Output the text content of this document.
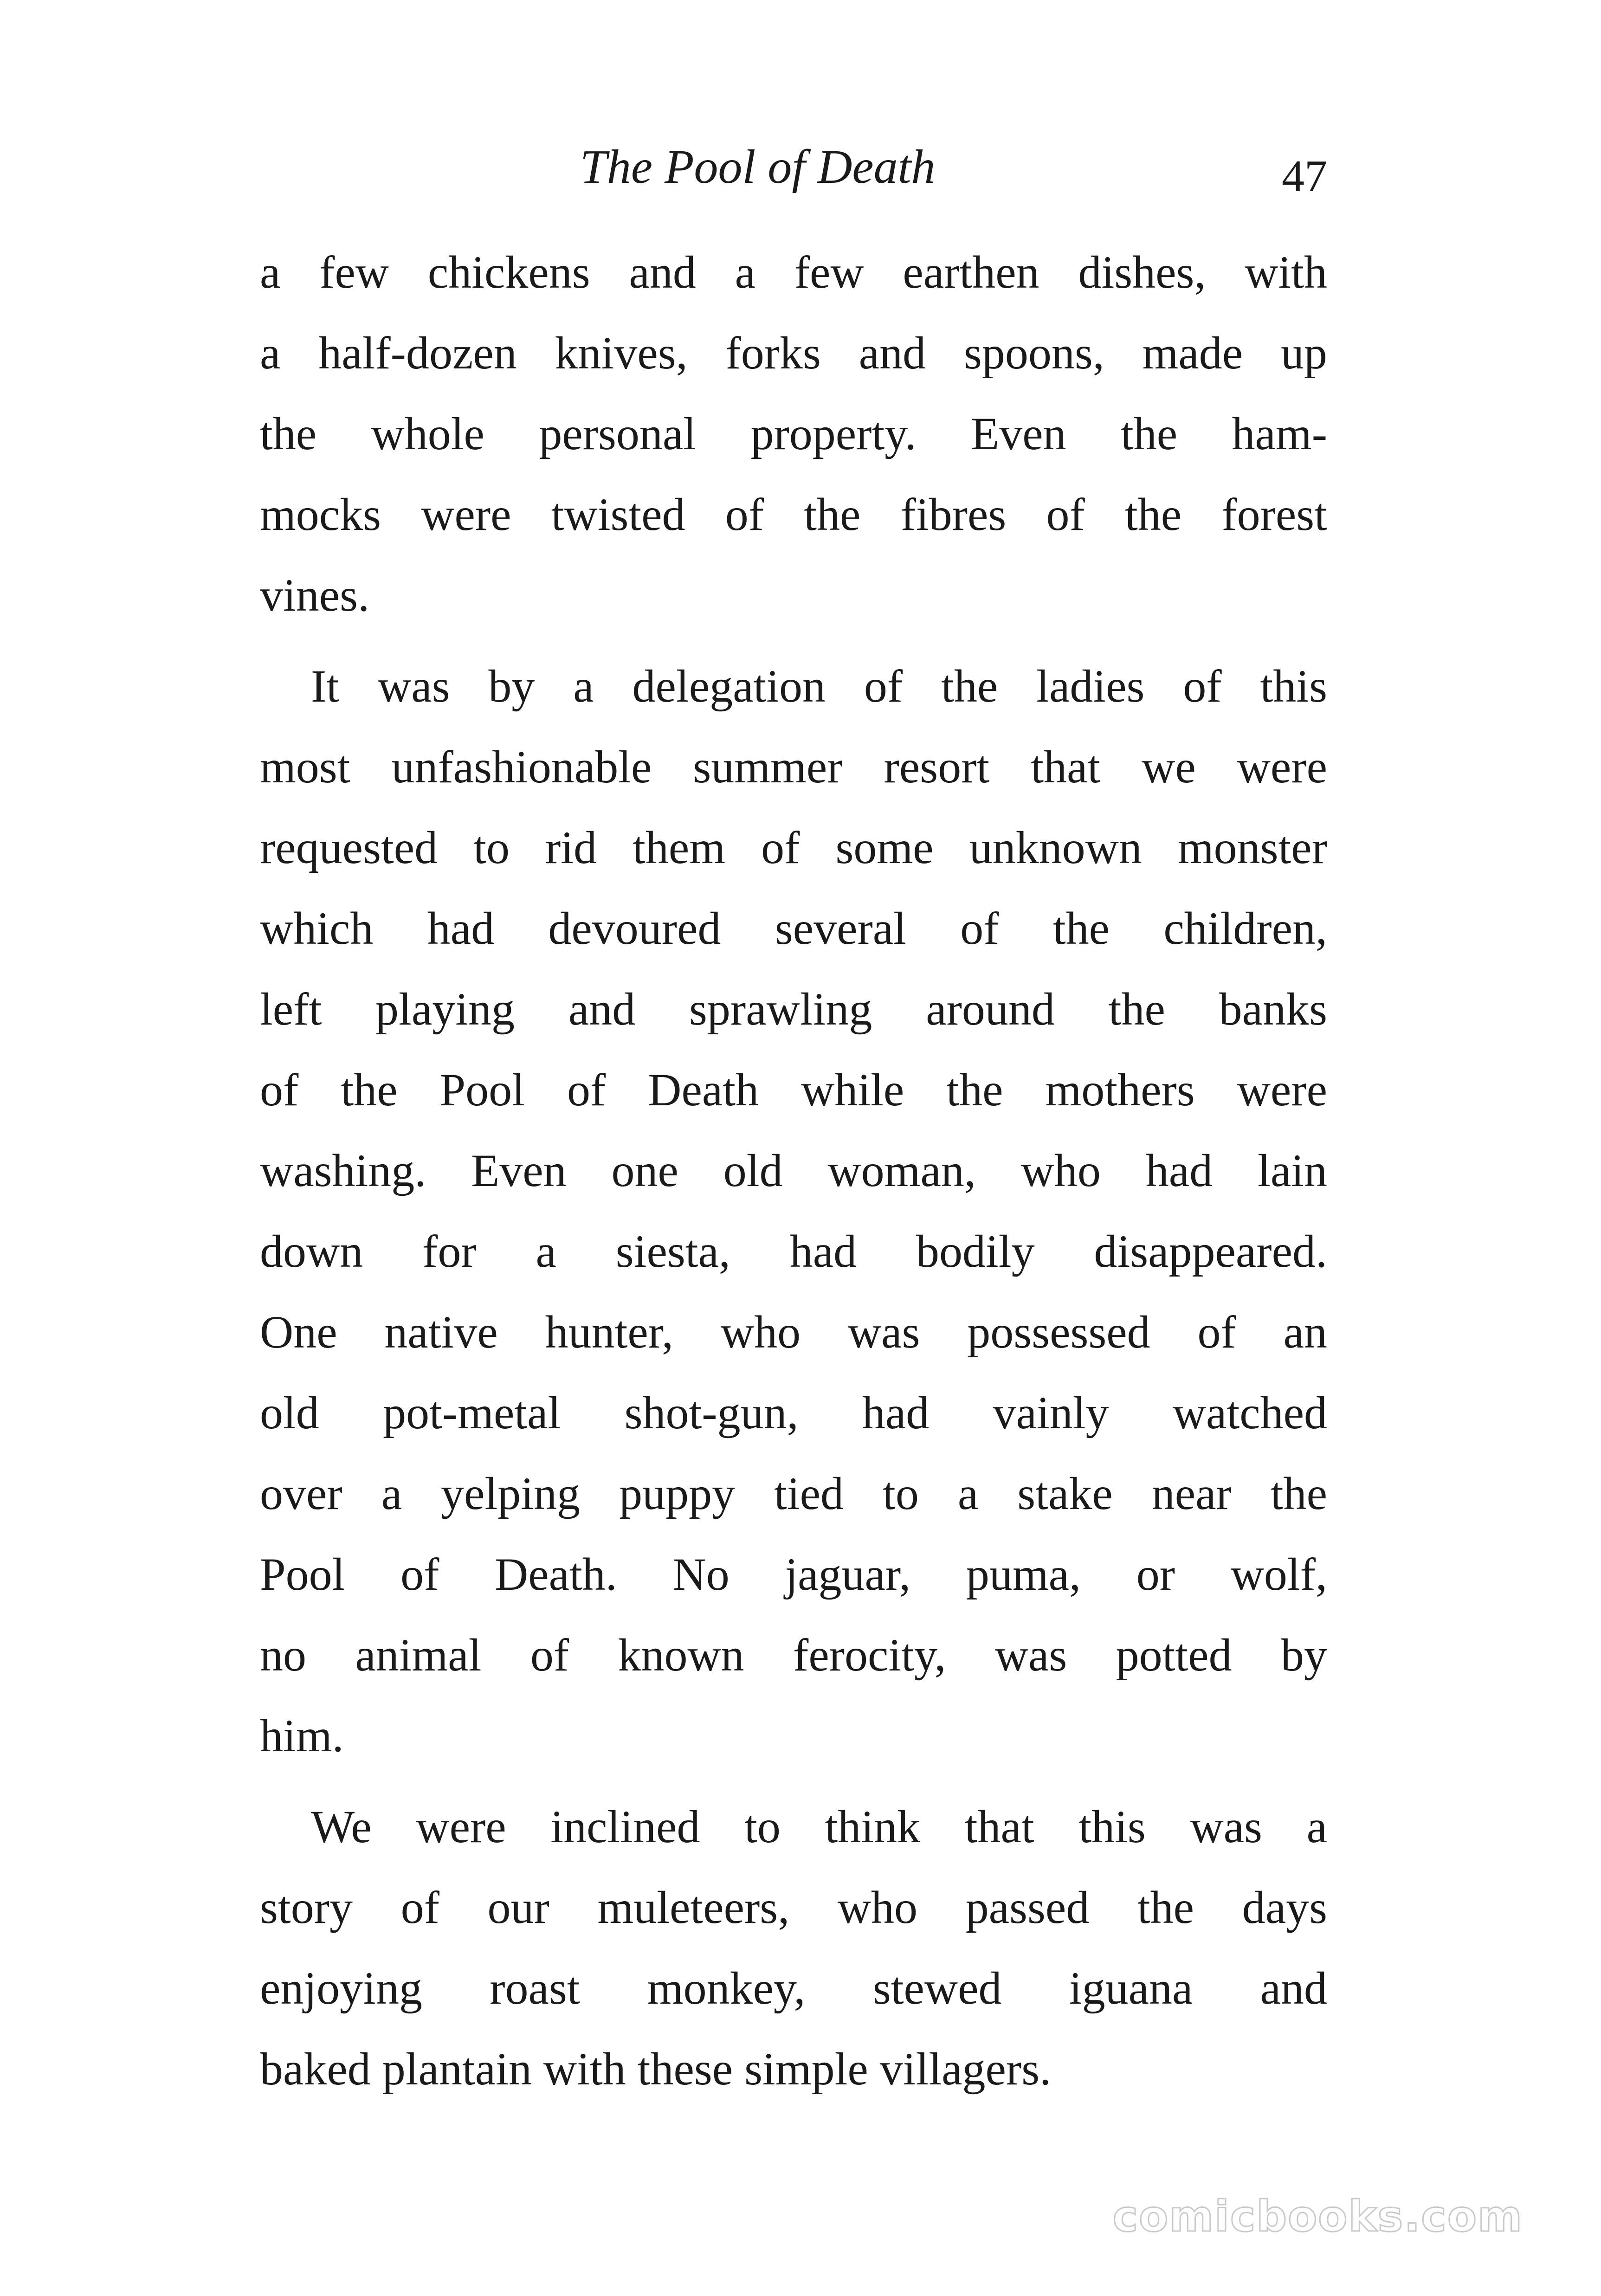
The Pool of Death	47
a few chickens and a few earthen dishes, with
a half-dozen knives, forks and spoons, made up
the whole personal property. Even the ham-
mocks were twisted of the fibres of the forest
vines.
It was by a delegation of the ladies of this
most unfashionable summer resort that we were
requested to rid them of some unknown monster
which had devoured several of the children,
left playing and sprawling around the banks
of the Pool of Death while the mothers were
washing. Even one old woman, who had lain
down for a siesta, had bodily disappeared.
One native hunter, who was possessed of an
old pot-metal shot-gun, had vainly watched
over a yelping puppy tied to a stake near the
Pool of Death. No jaguar, puma, or wolf,
no animal of known ferocity, was potted by
him.
We were inclined to think that this was a
story of our muleteers, who passed the days
enjoying roast monkey, stewed iguana and
baked plantain with these simple villagers.
comicbooks.com
